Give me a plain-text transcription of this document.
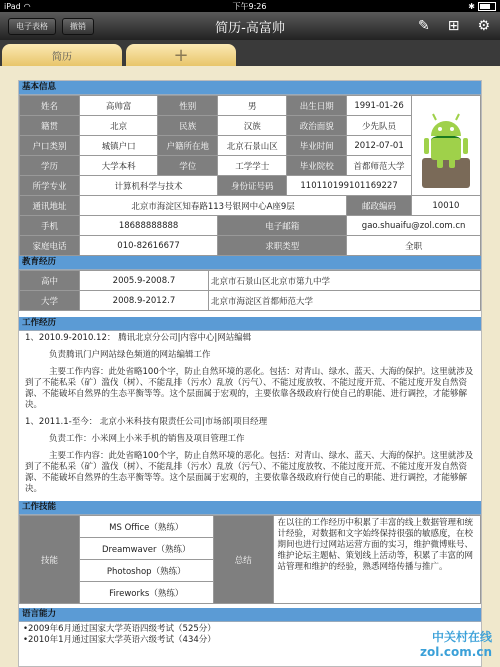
iPad ◠	下午9:26	✱
电子表格	撤销	简历-高富帅	✎ ⊞ ⚙
简历	+
基本信息
姓名	高帅富	性别	男	出生日期	1991-01-26	
籍贯	北京	民族	汉族	政治面貌	少先队员	
户口类别	城镇户口	户籍所在地	北京石景山区	毕业时间	2012-07-01	
学历	大学本科	学位	工学学士	毕业院校	首都师范大学	
所学专业	计算机科学与技术		身份证号码	110110199101169227		
通讯地址	北京市海淀区知春路113号银网中心A座9层				邮政编码	10010
手机	18688888888		电子邮箱		gao.shuaifu@zol.com.cn	
家庭电话	010-82616677		求职类型		全职	
教育经历
高中	2005.9-2008.7	北京市石景山区北京市第九中学
大学	2008.9-2012.7	北京市海淀区首都师范大学
工作经历

1、2010.9-2010.12： 腾讯北京分公司|内容中心|网站编辑

负责腾讯门户网站绿色频道的网站编辑工作

主要工作内容：此处省略100个字，防止自然环境的恶化。包括：对青山、绿水、蓝天、大海的保护。这里就涉及到了不能私采（矿）滥伐（树）、不能乱排（污水）乱放（污气）、不能过度放牧、不能过度开荒、不能过度开发自然资源、不能破坏自然界的生态平衡等等。这个层面属于宏观的，主要依靠各级政府行使自己的职能、进行调控，才能够解决。

1、2011.1-至今： 北京小米科技有限责任公司|市场部|项目经理

负责工作：小米网上小米手机的销售及项目管理工作

主要工作内容：此处省略100个字，防止自然环境的恶化。包括：对青山、绿水、蓝天、大海的保护。这里就涉及到了不能私采（矿）滥伐（树）、不能乱排（污水）乱放（污气）、不能过度放牧、不能过度开荒、不能过度开发自然资源、不能破坏自然界的生态平衡等等。这个层面属于宏观的，主要依靠各级政府行使自己的职能、进行调控，才能够解决。

工作技能
技能	MS Office（熟练）	总结	在以往的工作经历中积累了丰富的线上数据管理和统计经验，对数据和文字始终保持很强的敏感度，在校期间也进行过网站运营方面的实习，维护微博账号、维护论坛主题帖、策划线上活动等，积累了丰富的网站管理和维护的经验，熟悉网络传播与推广。
Dreamwaver（熟练）
Photoshop（熟练）
Fireworks（熟练）
语言能力
•2009年6月通过国家大学英语四级考试（525分）
•2010年1月通过国家大学英语六级考试（434分）	中关村在线
zol.com.cn
